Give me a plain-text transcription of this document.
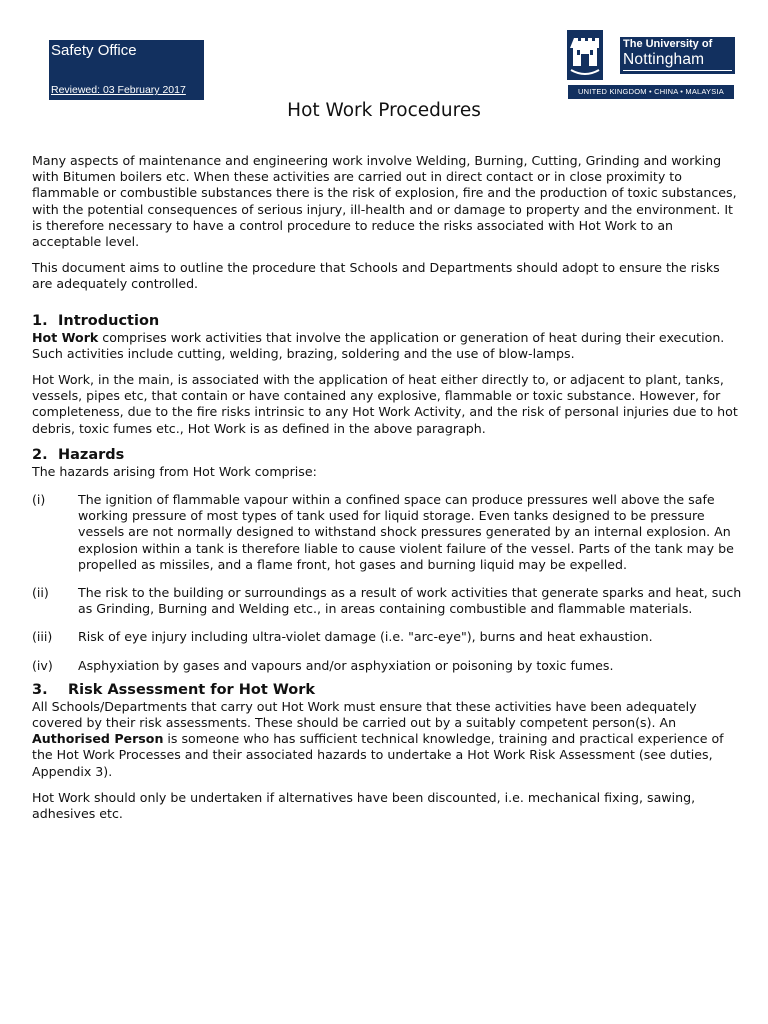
Safety Office
Reviewed: 03 February 2017
The University of
Nottingham
UNITED KINGDOM • CHINA • MALAYSIA
Hot Work Procedures

Many aspects of maintenance and engineering work involve Welding, Burning, Cutting, Grinding and working with Bitumen boilers etc. When these activities are carried out in direct contact or in close proximity to flammable or combustible substances there is the risk of explosion, fire and the production of toxic substances, with the potential consequences of serious injury, ill-health and or damage to property and the environment. It is therefore necessary to have a control procedure to reduce the risks associated with Hot Work to an acceptable level.

This document aims to outline the procedure that Schools and Departments should adopt to ensure the risks are adequately controlled.

1. Introduction

Hot Work comprises work activities that involve the application or generation of heat during their execution. Such activities include cutting, welding, brazing, soldering and the use of blow-lamps.

Hot Work, in the main, is associated with the application of heat either directly to, or adjacent to plant, tanks, vessels, pipes etc, that contain or have contained any explosive, flammable or toxic substance. However, for completeness, due to the fire risks intrinsic to any Hot Work Activity, and the risk of personal injuries due to hot debris, toxic fumes etc., Hot Work is as defined in the above paragraph.

2. Hazards

The hazards arising from Hot Work comprise:

(i)	The ignition of flammable vapour within a confined space can produce pressures well above the safe working pressure of most types of tank used for liquid storage. Even tanks designed to be pressure vessels are not normally designed to withstand shock pressures generated by an internal explosion. An explosion within a tank is therefore liable to cause violent failure of the vessel. Parts of the tank may be propelled as missiles, and a flame front, hot gases and burning liquid may be expelled.
(ii) The risk to the building or surroundings as a result of work activities that generate sparks and heat, such as Grinding, Burning and Welding etc., in areas containing combustible and flammable materials.
(iii) Risk of eye injury including ultra-violet damage (i.e. "arc-eye"), burns and heat exhaustion.
(iv) Asphyxiation by gases and vapours and/or asphyxiation or poisoning by toxic fumes.
3. Risk Assessment for Hot Work

All Schools/Departments that carry out Hot Work must ensure that these activities have been adequately covered by their risk assessments. These should be carried out by a suitably competent person(s). An Authorised Person is someone who has sufficient technical knowledge, training and practical experience of the Hot Work Processes and their associated hazards to undertake a Hot Work Risk Assessment (see duties, Appendix 3).

Hot Work should only be undertaken if alternatives have been discounted, i.e. mechanical fixing, sawing, adhesives etc.
